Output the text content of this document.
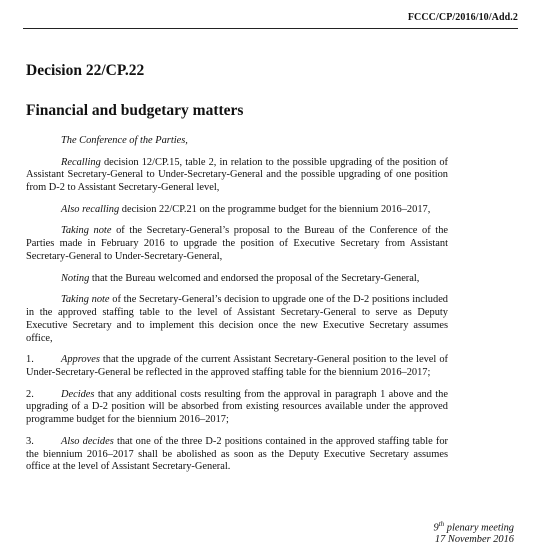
FCCC/CP/2016/10/Add.2
Decision 22/CP.22
Financial and budgetary matters

The Conference of the Parties,

Recalling decision 12/CP.15, table 2, in relation to the possible upgrading of the position of Assistant Secretary-General to Under-Secretary-General and the possible upgrading of one position from D-2 to Assistant Secretary-General level,

Also recalling decision 22/CP.21 on the programme budget for the biennium 2016–2017,

Taking note of the Secretary-General’s proposal to the Bureau of the Conference of the Parties made in February 2016 to upgrade the position of Executive Secretary from Assistant Secretary-General to Under-Secretary-General,

Noting that the Bureau welcomed and endorsed the proposal of the Secretary-General,

Taking note of the Secretary-General’s decision to upgrade one of the D-2 positions included in the approved staffing table to the level of Assistant Secretary-General to serve as Deputy Executive Secretary and to implement this decision once the new Executive Secretary assumes office,

1.	Approves that the upgrade of the current Assistant Secretary-General position to the level of Under-Secretary-General be reflected in the approved staffing table for the biennium 2016–2017;

2.	Decides that any additional costs resulting from the approval in paragraph 1 above and the upgrading of a D-2 position will be absorbed from existing resources available under the approved programme budget for the biennium 2016–2017;

3.	Also decides that one of the three D-2 positions contained in the approved staffing table for the biennium 2016–2017 shall be abolished as soon as the Deputy Executive Secretary assumes office at the level of Assistant Secretary-General.

9th plenary meeting
17 November 2016
